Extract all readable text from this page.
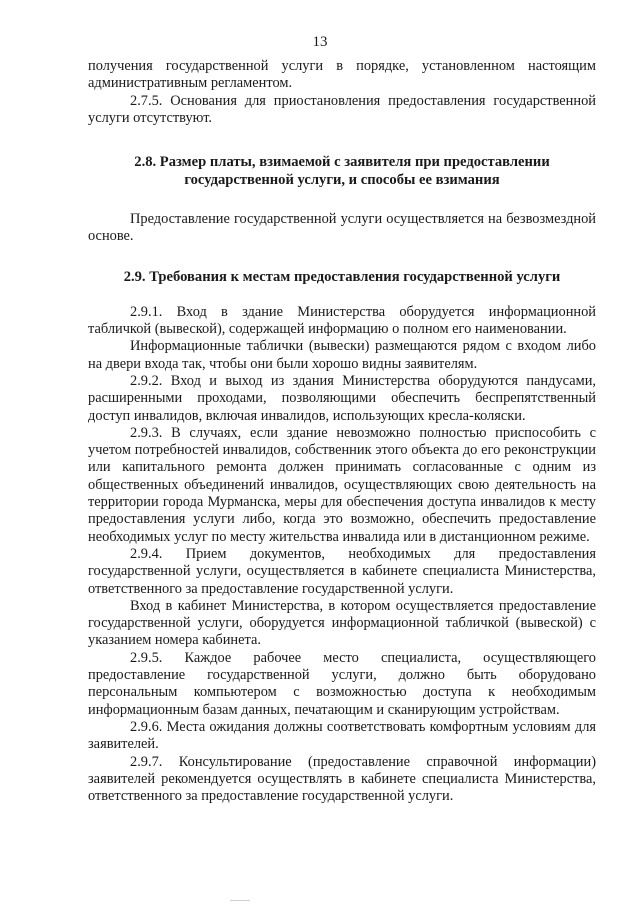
13

получения государственной услуги в порядке, установленном настоящим административным регламентом.

2.7.5. Основания для приостановления предоставления государственной услуги отсутствуют.

2.8. Размер платы, взимаемой с заявителя при предоставлении
государственной услуги, и способы ее взимания

Предоставление государственной услуги осуществляется на безвозмездной основе.

2.9. Требования к местам предоставления государственной услуги

2.9.1. Вход в здание Министерства оборудуется информационной табличкой (вывеской), содержащей информацию о полном его наименовании.

Информационные таблички (вывески) размещаются рядом с входом либо на двери входа так, чтобы они были хорошо видны заявителям.

2.9.2. Вход и выход из здания Министерства оборудуются пандусами, расширенными проходами, позволяющими обеспечить беспрепятственный доступ инвалидов, включая инвалидов, использующих кресла-коляски.

2.9.3. В случаях, если здание невозможно полностью приспособить с учетом потребностей инвалидов, собственник этого объекта до его реконструкции или капитального ремонта должен принимать согласованные с одним из общественных объединений инвалидов, осуществляющих свою деятельность на территории города Мурманска, меры для обеспечения доступа инвалидов к месту предоставления услуги либо, когда это возможно, обеспечить предоставление необходимых услуг по месту жительства инвалида или в дистанционном режиме.

2.9.4. Прием документов, необходимых для предоставления государственной услуги, осуществляется в кабинете специалиста Министерства, ответственного за предоставление государственной услуги.

Вход в кабинет Министерства, в котором осуществляется предоставление государственной услуги, оборудуется информационной табличкой (вывеской) с указанием номера кабинета.

2.9.5. Каждое рабочее место специалиста, осуществляющего предоставление государственной услуги, должно быть оборудовано персональным компьютером с возможностью доступа к необходимым информационным базам данных, печатающим и сканирующим устройствам.

2.9.6. Места ожидания должны соответствовать комфортным условиям для заявителей.

2.9.7. Консультирование (предоставление справочной информации) заявителей рекомендуется осуществлять в кабинете специалиста Министерства, ответственного за предоставление государственной услуги.
